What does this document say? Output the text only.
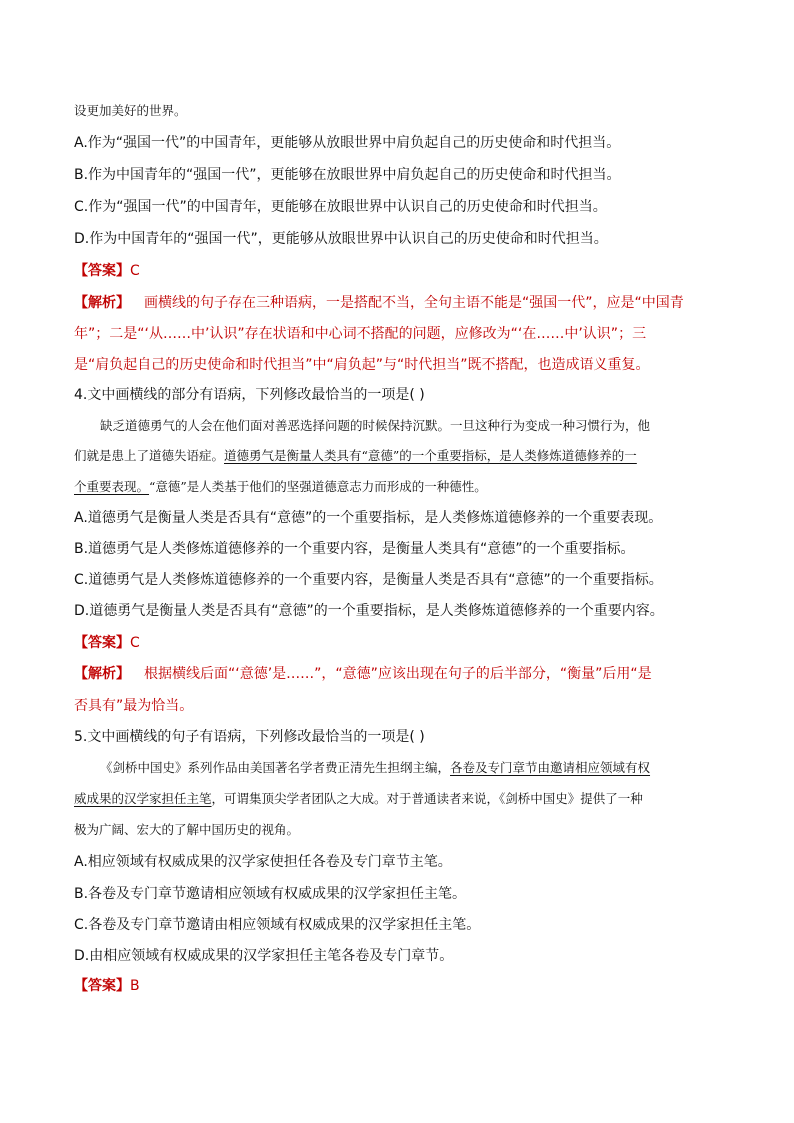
设更加美好的世界。
A.作为“强国一代”的中国青年，更能够从放眼世界中肩负起自己的历史使命和时代担当。
B.作为中国青年的“强国一代”，更能够在放眼世界中肩负起自己的历史使命和时代担当。
C.作为“强国一代”的中国青年，更能够在放眼世界中认识自己的历史使命和时代担当。
D.作为中国青年的“强国一代”，更能够从放眼世界中认识自己的历史使命和时代担当。
【答案】C
【解析】 画横线的句子存在三种语病，一是搭配不当，全句主语不能是“强国一代”，应是“中国青
年”；二是“‘从……中’认识”存在状语和中心词不搭配的问题，应修改为“‘在……中’认识”；三
是“肩负起自己的历史使命和时代担当”中“肩负起”与“时代担当”既不搭配，也造成语义重复。
4.文中画横线的部分有语病，下列修改最恰当的一项是( )
缺乏道德勇气的人会在他们面对善恶选择问题的时候保持沉默。一旦这种行为变成一种习惯行为，他
们就是患上了道德失语症。道德勇气是衡量人类具有“意德”的一个重要指标，是人类修炼道德修养的一
个重要表现。“意德”是人类基于他们的坚强道德意志力而形成的一种德性。
A.道德勇气是衡量人类是否具有“意德”的一个重要指标，是人类修炼道德修养的一个重要表现。
B.道德勇气是人类修炼道德修养的一个重要内容，是衡量人类具有“意德”的一个重要指标。
C.道德勇气是人类修炼道德修养的一个重要内容，是衡量人类是否具有“意德”的一个重要指标。
D.道德勇气是衡量人类是否具有“意德”的一个重要指标，是人类修炼道德修养的一个重要内容。
【答案】C
【解析】 根据横线后面“‘意德’是……”，“意德”应该出现在句子的后半部分，“衡量”后用“是
否具有”最为恰当。
5.文中画横线的句子有语病，下列修改最恰当的一项是( )
《剑桥中国史》系列作品由美国著名学者费正清先生担纲主编，各卷及专门章节由邀请相应领域有权
威成果的汉学家担任主笔，可谓集顶尖学者团队之大成。对于普通读者来说，《剑桥中国史》提供了一种
极为广阔、宏大的了解中国历史的视角。
A.相应领域有权威成果的汉学家使担任各卷及专门章节主笔。
B.各卷及专门章节邀请相应领域有权威成果的汉学家担任主笔。
C.各卷及专门章节邀请由相应领域有权威成果的汉学家担任主笔。
D.由相应领域有权威成果的汉学家担任主笔各卷及专门章节。
【答案】B
